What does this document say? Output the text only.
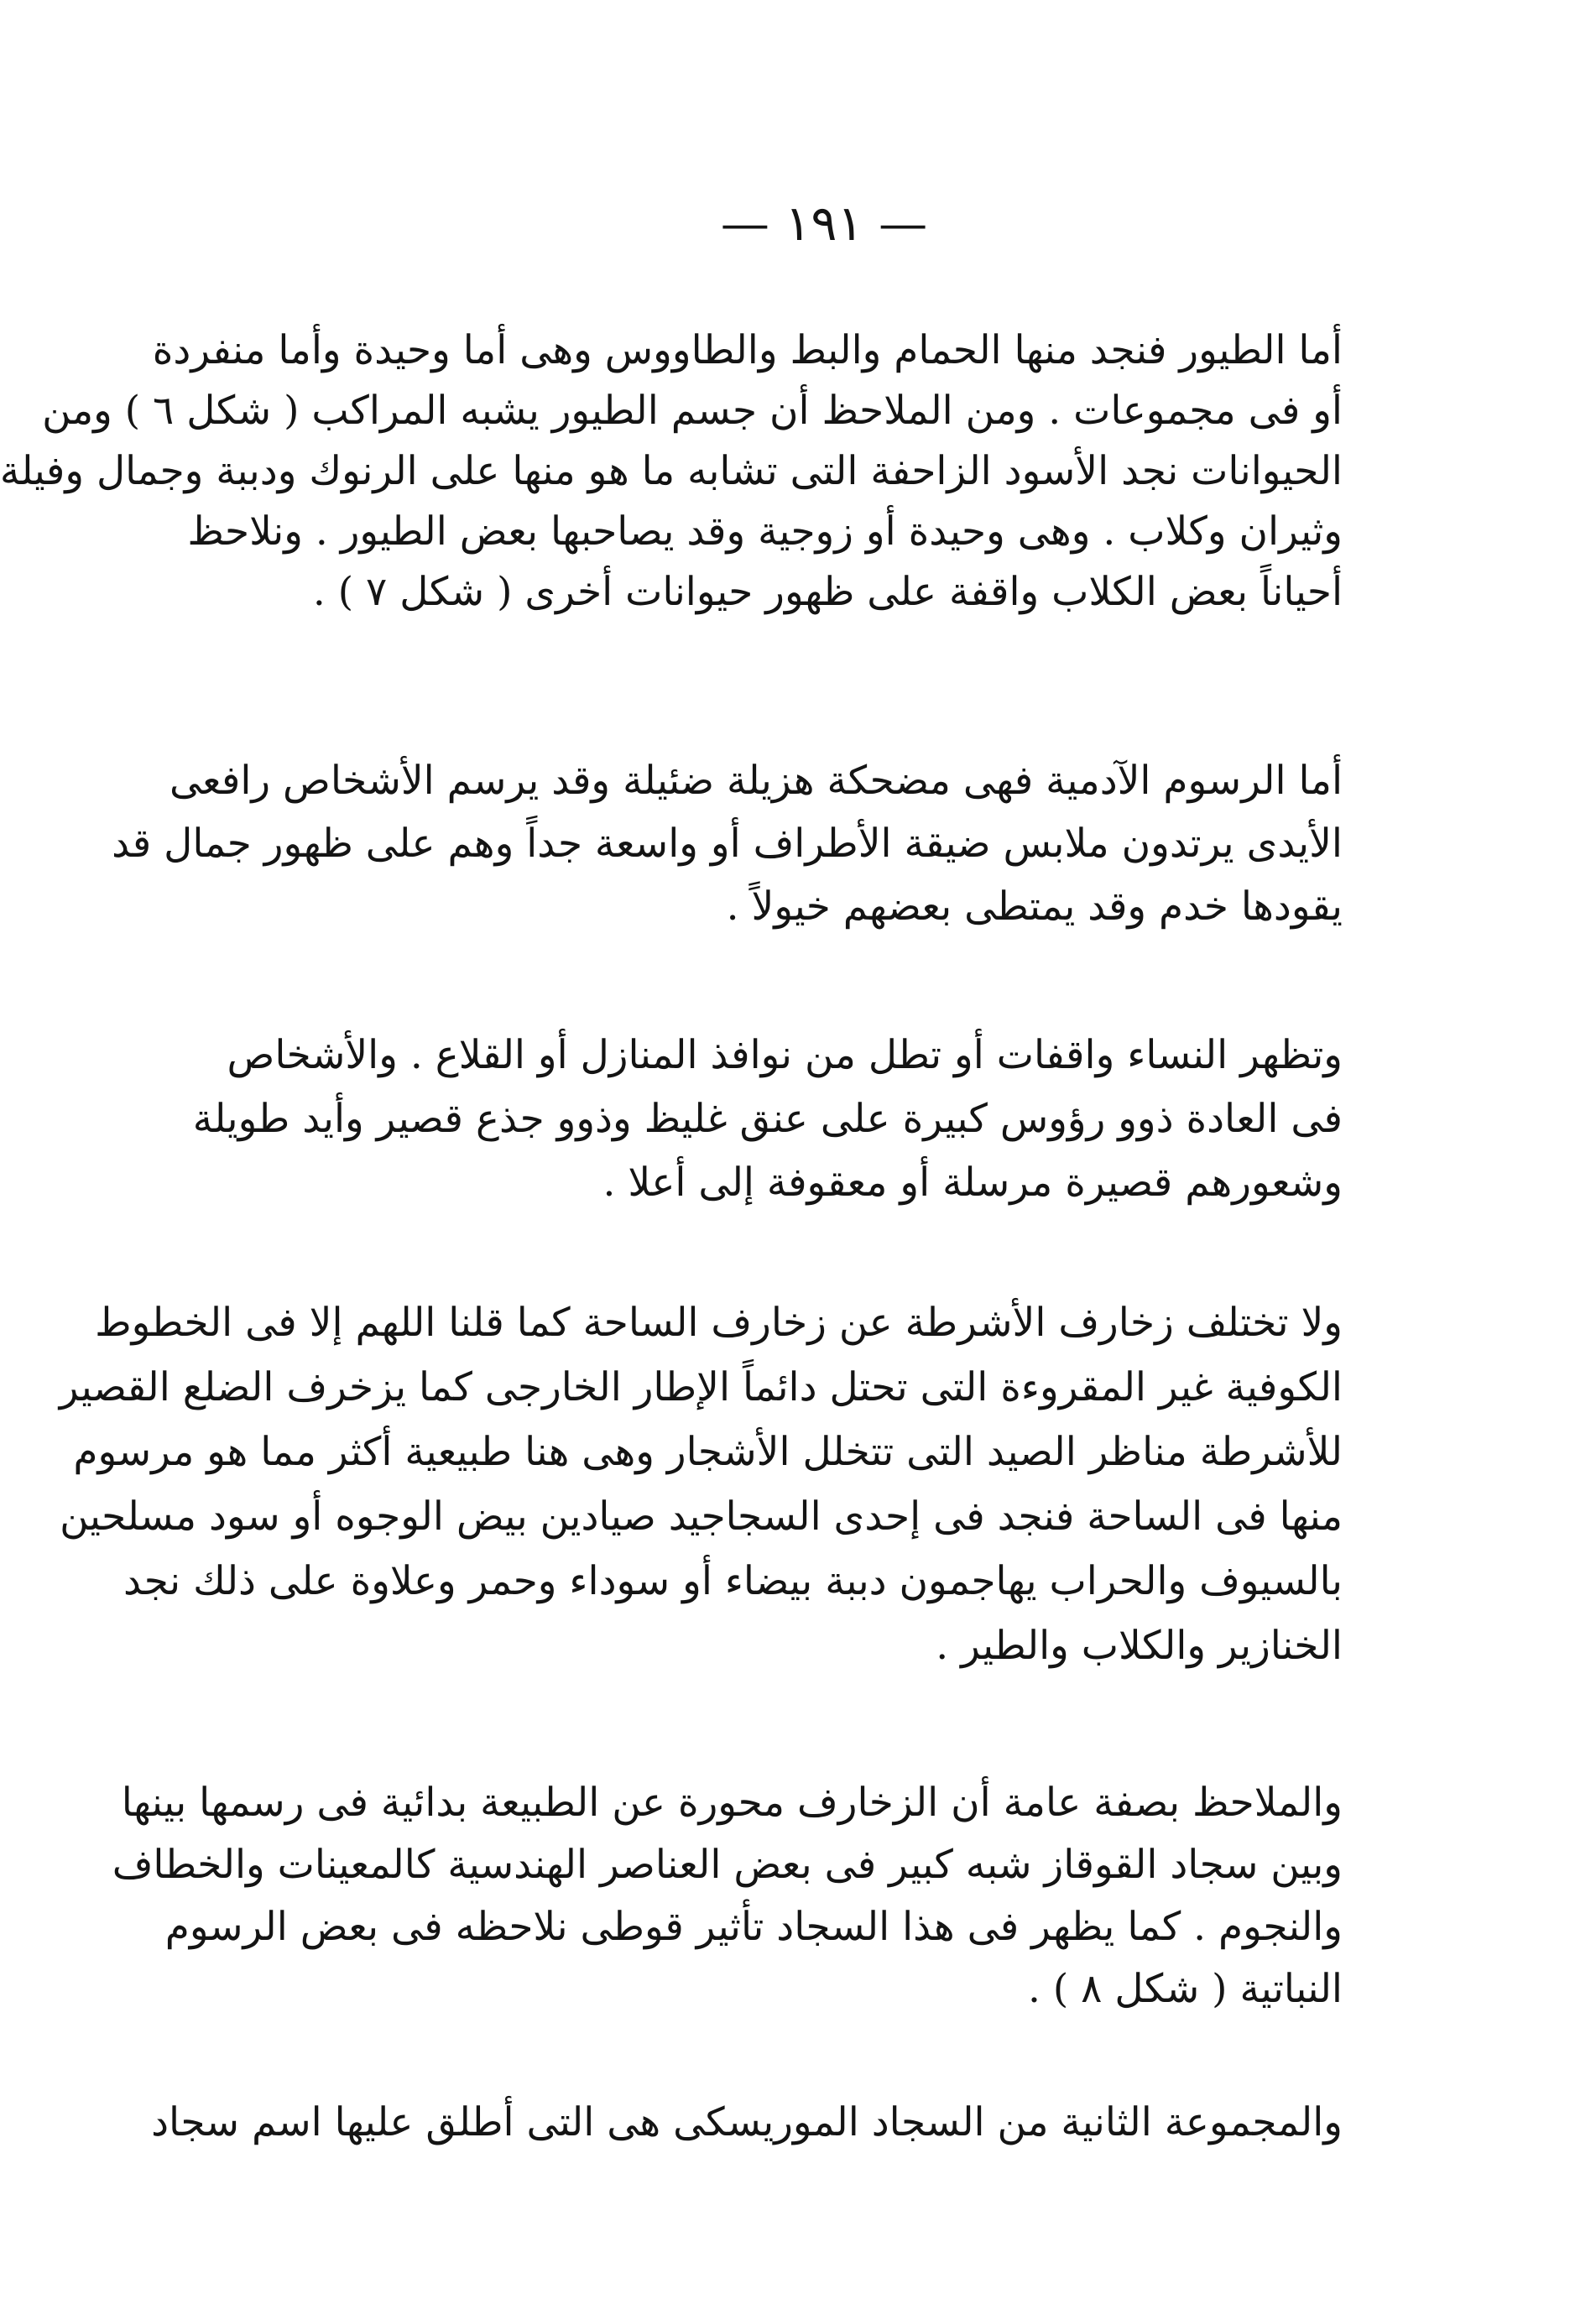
— ١٩١ —
أما الطيور فنجد منها الحمام والبط والطاووس وهى أما وحيدة وأما منفردة
أو فى مجموعات . ومن الملاحظ أن جسم الطيور يشبه المراكب ( شكل ٦ ) ومن
الحيوانات نجد الأسود الزاحفة التى تشابه ما هو منها على الرنوك ودببة وجمال وفيلة
وثيران وكلاب . وهى وحيدة أو زوجية وقد يصاحبها بعض الطيور . ونلاحظ
أحياناً بعض الكلاب واقفة على ظهور حيوانات أخرى ( شكل ٧ ) .
أما الرسوم الآدمية فهى مضحكة هزيلة ضئيلة وقد يرسم الأشخاص رافعى
الأيدى يرتدون ملابس ضيقة الأطراف أو واسعة جداً وهم على ظهور جمال قد
يقودها خدم وقد يمتطى بعضهم خيولاً .
وتظهر النساء واقفات أو تطل من نوافذ المنازل أو القلاع . والأشخاص
فى العادة ذوو رؤوس كبيرة على عنق غليظ وذوو جذع قصير وأيد طويلة
وشعورهم قصيرة مرسلة أو معقوفة إلى أعلا .
ولا تختلف زخارف الأشرطة عن زخارف الساحة كما قلنا اللهم إلا فى الخطوط
الكوفية غير المقروءة التى تحتل دائماً الإطار الخارجى كما يزخرف الضلع القصير
للأشرطة مناظر الصيد التى تتخلل الأشجار وهى هنا طبيعية أكثر مما هو مرسوم
منها فى الساحة فنجد فى إحدى السجاجيد صيادين بيض الوجوه أو سود مسلحين
بالسيوف والحراب يهاجمون دببة بيضاء أو سوداء وحمر وعلاوة على ذلك نجد
الخنازير والكلاب والطير .
والملاحظ بصفة عامة أن الزخارف محورة عن الطبيعة بدائية فى رسمها بينها
وبين سجاد القوقاز شبه كبير فى بعض العناصر الهندسية كالمعينات والخطاف
والنجوم . كما يظهر فى هذا السجاد تأثير قوطى نلاحظه فى بعض الرسوم
النباتية ( شكل ٨ ) .
والمجموعة الثانية من السجاد الموريسكى هى التى أطلق عليها اسم سجاد
